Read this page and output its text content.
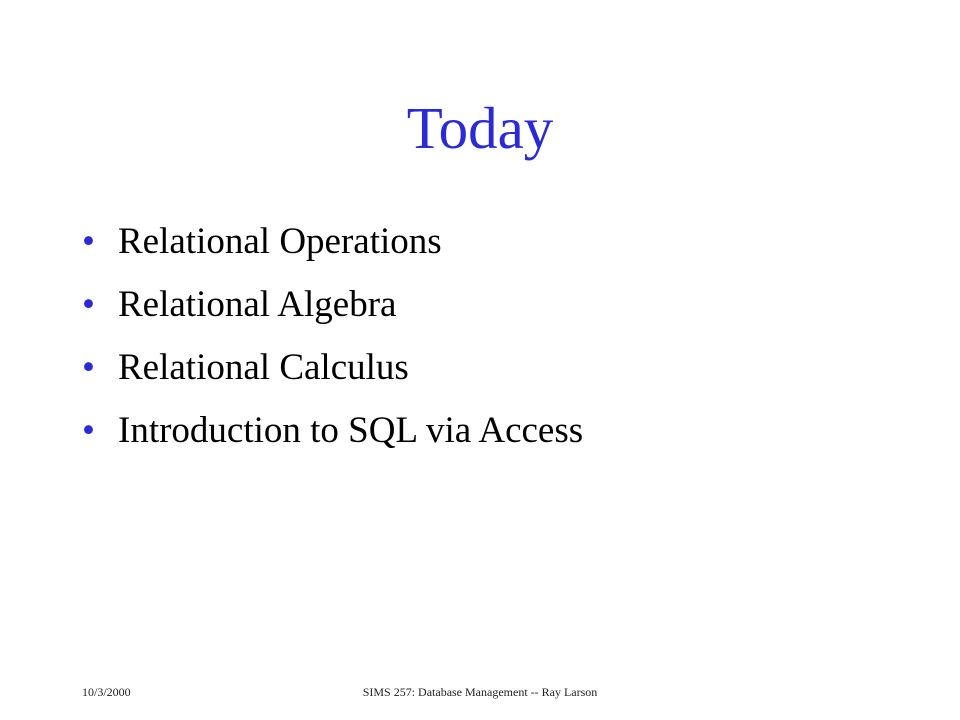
Today
• Relational Operations
• Relational Algebra
• Relational Calculus
• Introduction to SQL via Access
10/3/2000	SIMS 257: Database Management -- Ray Larson
